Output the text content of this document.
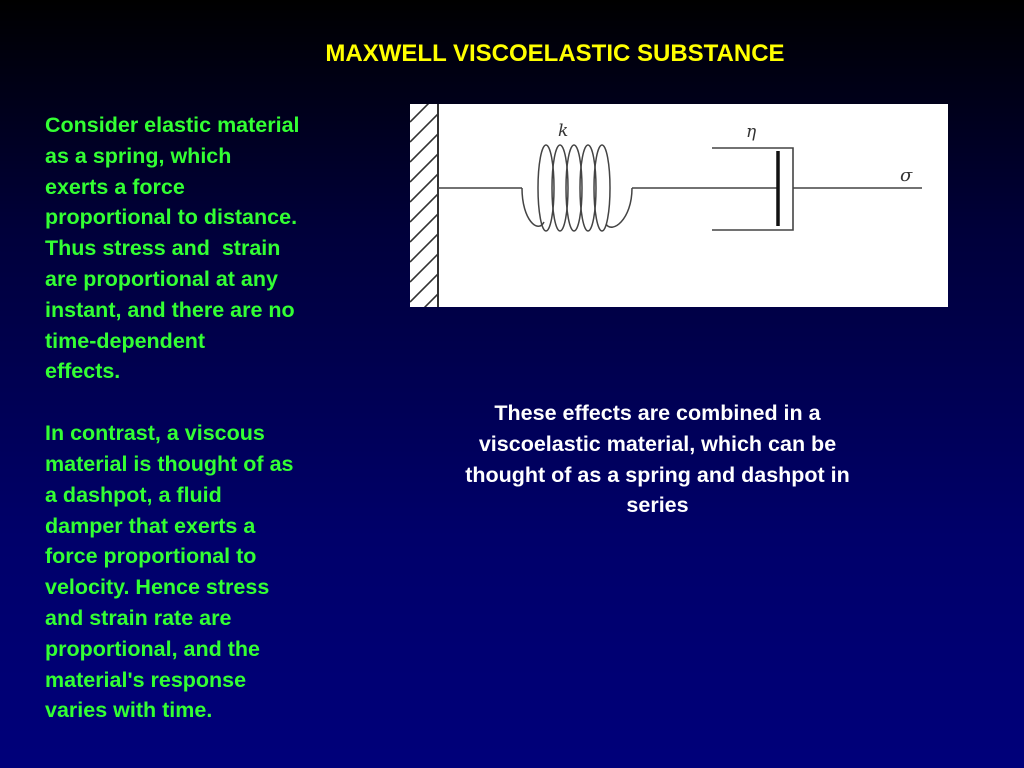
MAXWELL VISCOELASTIC SUBSTANCE

Consider elastic material
as a spring, which
exerts a force
proportional to distance.
Thus stress and  strain
are proportional at any
instant, and there are no
time-dependent
effects.

In contrast, a viscous
material is thought of as
a dashpot, a fluid
damper that exerts a
force proportional to
velocity. Hence stress
and strain rate are
proportional, and the
material's response
varies with time.

k	η
σ
These effects are combined in a
viscoelastic material, which can be
thought of as a spring and dashpot in
series
